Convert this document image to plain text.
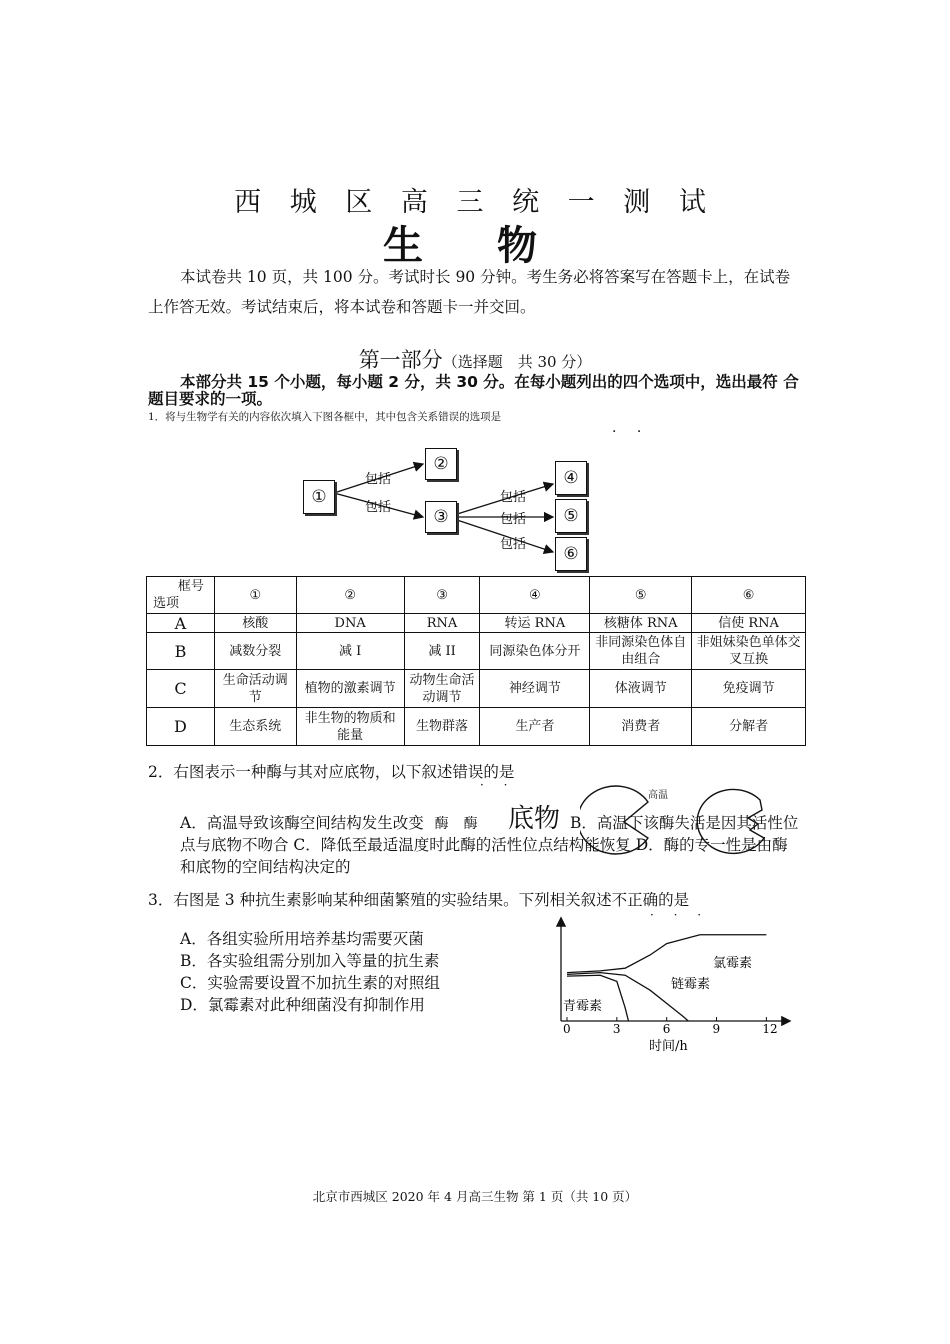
西 城 区 高 三 统 一 测 试
生 物
本试卷共 10 页，共 100 分。考试时长 90 分钟。考生务必将答案写在答题卡上，在试卷上作答无效。考试结束后，将本试卷和答题卡一并交回。
第一部分（选择题　共 30 分）
本部分共 15 个小题，每小题 2 分，共 30 分。在每小题列出的四个选项中，选出最符 合题目要求的一项。
1．将与生物学有关的内容依次填入下图各框中，其中包含关系错误的选项是
· ·
①
②
③
④
⑤
⑥
包括
包括
包括
包括
包括
框号
选项	①	②	③	④	⑤	⑥
A	核酸	DNA	RNA	转运 RNA	核糖体 RNA	信使 RNA
B	减数分裂	减 I	减 II	同源染色体分开	非同源染色体自由组合	非姐妹染色单体交叉互换
C	生命活动调节	植物的激素调节	动物生命活动调节	神经调节	体液调节	免疫调节
D	生态系统	非生物的物质和能量	生物群落	生产者	消费者	分解者
2．右图表示一种酶与其对应底物，以下叙述错误的是
· ·
高温
A．高温导致该酶空间结构发生改变 酶 酶 底物 B．高温下该酶失活是因其活性位点与底物不吻合 C．降低至最适温度时此酶的活性位点结构能恢复 D．酶的专一性是由酶和底物的空间结构决定的
3．右图是 3 种抗生素影响某种细菌繁殖的实验结果。下列相关叙述不正确的是
· · ·
A．各组实验所用培养基均需要灭菌
B．各实验组需分别加入等量的抗生素
C．实验需要设置不加抗生素的对照组
D．氯霉素对此种细菌没有抑制作用
0	3	6	9	12
氯霉素
链霉素
青霉素
时间/h
北京市西城区 2020 年 4 月高三生物 第 1 页（共 10 页）
